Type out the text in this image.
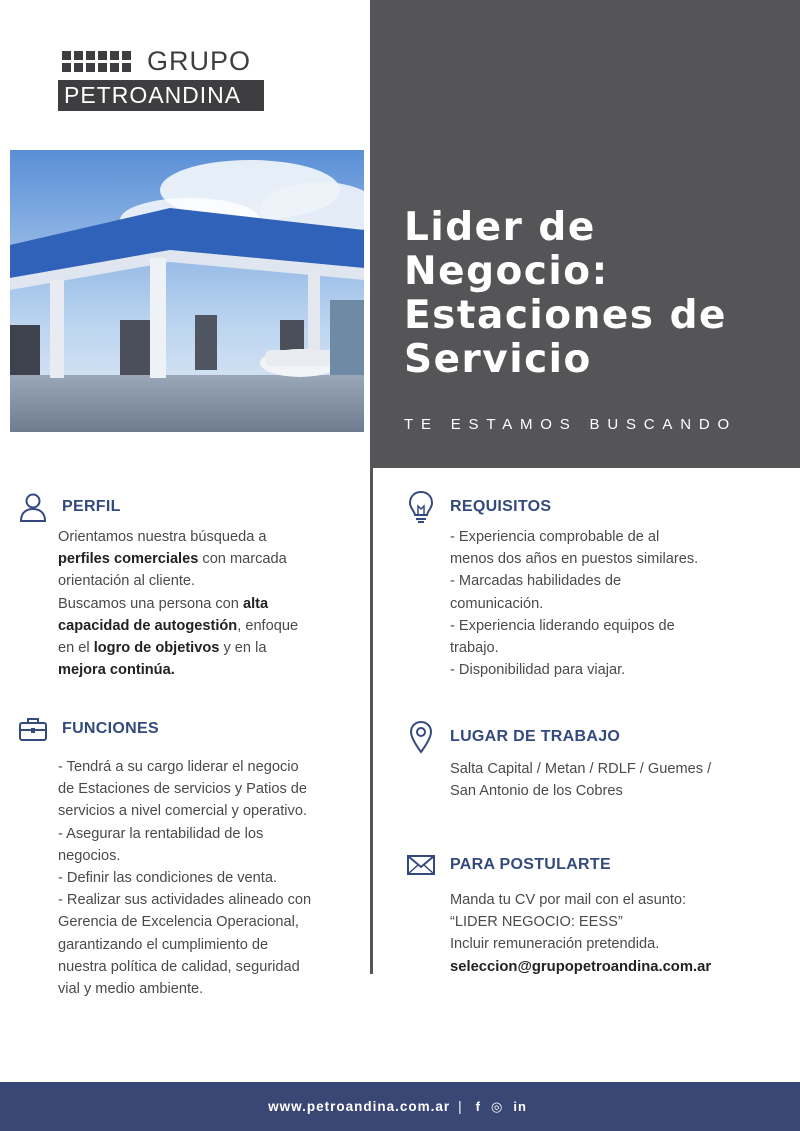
GRUPO
PETROANDINA
Lider de Negocio: Estaciones de Servicio
TE ESTAMOS BUSCANDO
PERFIL
Orientamos nuestra búsqueda a
perfiles comerciales con marcada
orientación al cliente.
Buscamos una persona con alta
capacidad de autogestión, enfoque
en el logro de objetivos y en la
mejora continúa.
FUNCIONES
- Tendrá a su cargo liderar el negocio
de Estaciones de servicios y Patios de
servicios a nivel comercial y operativo.
- Asegurar la rentabilidad de los
negocios.
- Definir las condiciones de venta.
- Realizar sus actividades alineado con
Gerencia de Excelencia Operacional,
garantizando el cumplimiento de
nuestra política de calidad, seguridad
vial y medio ambiente.
REQUISITOS
- Experiencia comprobable de al
menos dos años en puestos similares.
- Marcadas habilidades de
comunicación.
- Experiencia liderando equipos de
trabajo.
- Disponibilidad para viajar.
LUGAR DE TRABAJO
Salta Capital / Metan / RDLF / Guemes /
San Antonio de los Cobres
PARA POSTULARTE
Manda tu CV por mail con el asunto:
“LIDER NEGOCIO: EESS”
Incluir remuneración pretendida.
seleccion@grupopetroandina.com.ar
www.petroandina.com.ar | f ◎ in
